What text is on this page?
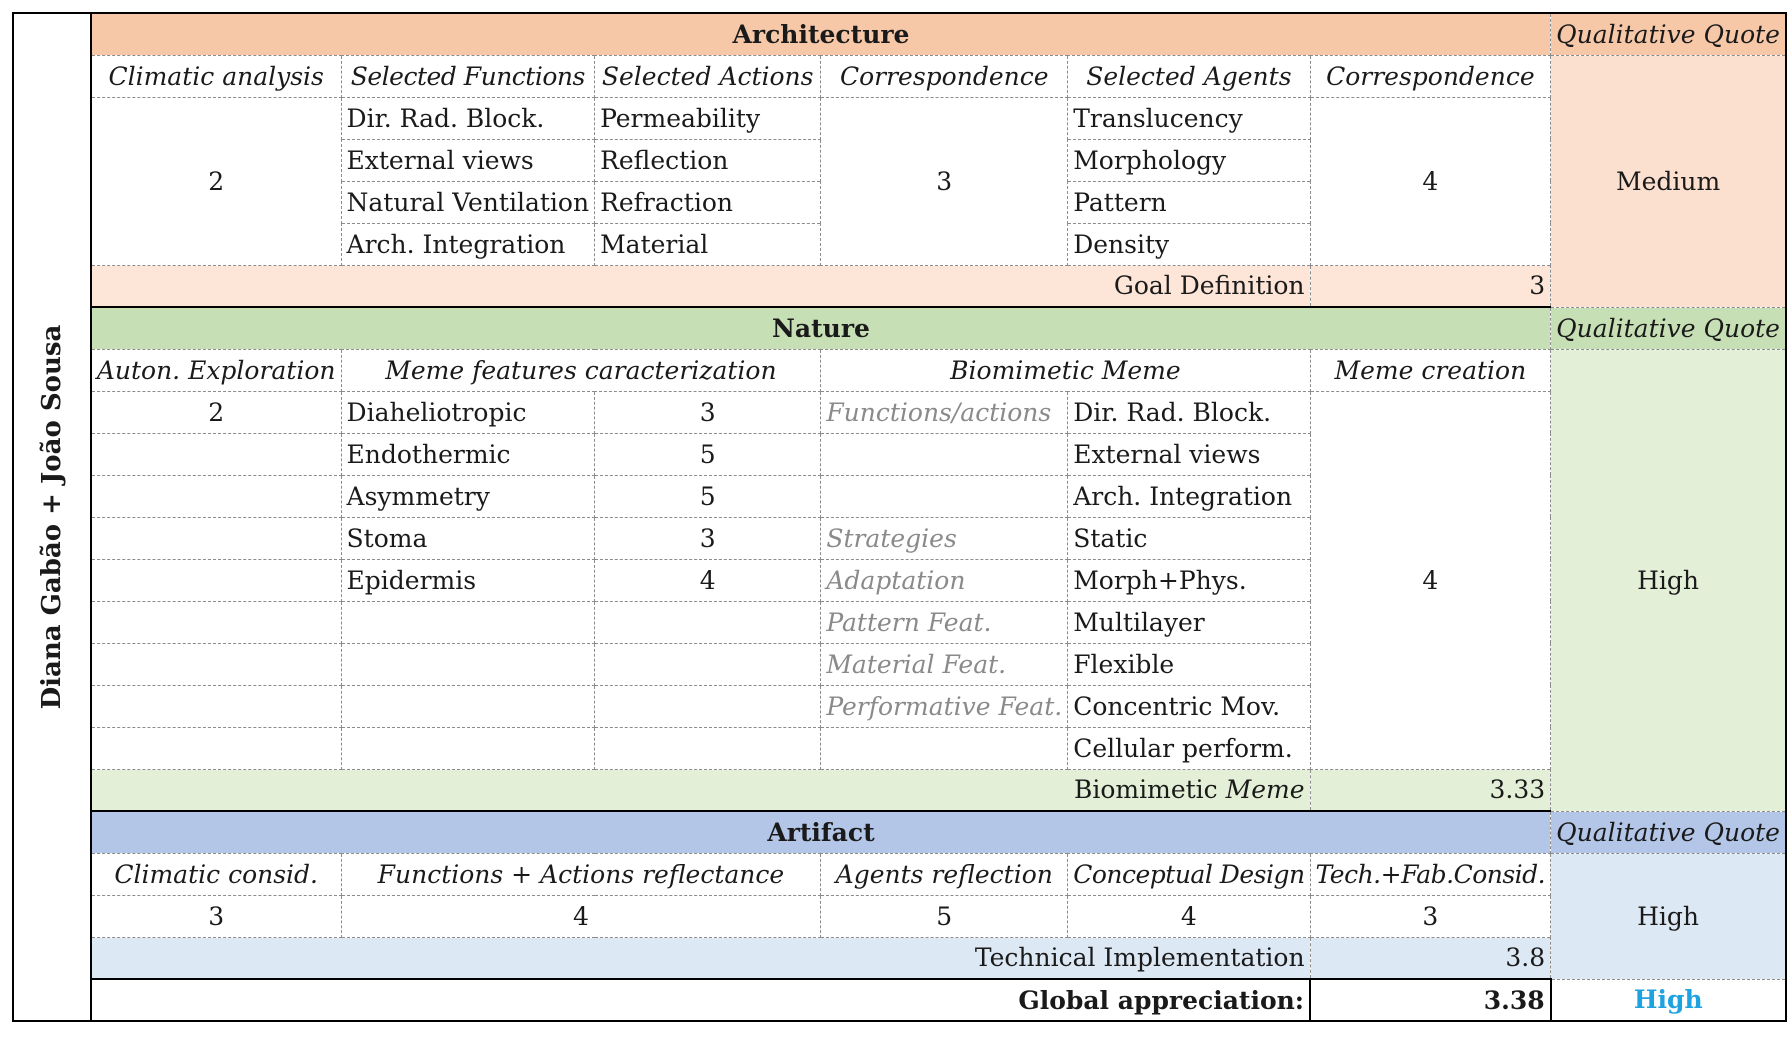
Diana Gabão + João Sousa	Architecture						Qualitative Quote
	Climatic analysis	Selected Functions	Selected Actions	Correspondence	Selected Agents	Correspondence	Medium
	2	Dir. Rad. Block.	Permeability	3	Translucency	4	
		External views	Reflection		Morphology		
		Natural Ventilation	Refraction		Pattern		
		Arch. Integration	Material		Density		
	Goal Definition					3	
	Nature						Qualitative Quote
	Auton. Exploration	Meme features caracterization		Biomimetic Meme		Meme creation	High
	2	Diaheliotropic	3	Functions/actions	Dir. Rad. Block.	4	
		Endothermic	5		External views		
		Asymmetry	5		Arch. Integration		
		Stoma	3	Strategies	Static		
		Epidermis	4	Adaptation	Morph+Phys.		
				Pattern Feat.	Multilayer		
				Material Feat.	Flexible		
				Performative Feat.	Concentric Mov.		
					Cellular perform.		
	Biomimetic Meme					3.33	
	Artifact						Qualitative Quote
	Climatic consid.	Functions + Actions reflectance		Agents reflection	Conceptual Design	Tech.+Fab.Consid.	High
	3	4		5	4	3	
	Technical Implementation					3.8	
	Global appreciation:					3.38	High
